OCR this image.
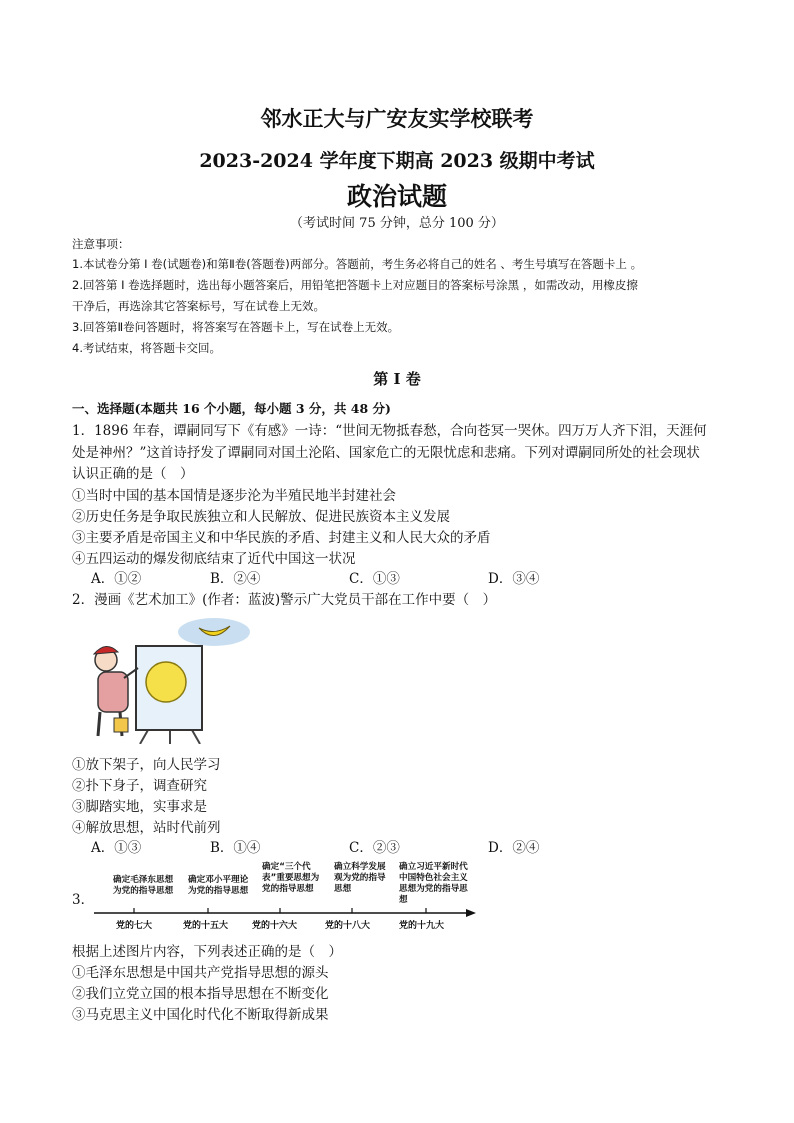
邻水正大与广安友实学校联考
2023-2024 学年度下期高 2023 级期中考试
政治试题
（考试时间 75 分钟，总分 100 分）
注意事项：
1.本试卷分第 I 卷(试题卷)和第Ⅱ卷(答题卷)两部分。答题前，考生务必将自己的姓名 、考生号填写在答题卡上 。
2.回答第 I 卷选择题时，选出每小题答案后，用铅笔把答题卡上对应题目的答案标号涂黑 ，如需改动，用橡皮擦
干净后，再选涂其它答案标号，写在试卷上无效。
3.回答第Ⅱ卷问答题时，将答案写在答题卡上，写在试卷上无效。
4.考试结束，将答题卡交回。
第 I 卷
一、选择题(本题共 16 个小题，每小题 3 分，共 48 分)
1．1896 年春，谭嗣同写下《有感》一诗：“世间无物抵春愁，合向苍冥一哭休。四万万人齐下泪，天涯何
处是神州？”这首诗抒发了谭嗣同对国土沦陷、国家危亡的无限忧虑和悲痛。下列对谭嗣同所处的社会现状
认识正确的是（　）
①当时中国的基本国情是逐步沦为半殖民地半封建社会
②历史任务是争取民族独立和人民解放、促进民族资本主义发展
③主要矛盾是帝国主义和中华民族的矛盾、封建主义和人民大众的矛盾
④五四运动的爆发彻底结束了近代中国这一状况
A．①②	B．②④	C．①③	D．③④
2．漫画《艺术加工》(作者：蓝波)警示广大党员干部在工作中要（　）
①放下架子，向人民学习
②扑下身子，调查研究
③脚踏实地，实事求是
④解放思想，站时代前列
A．①③	B．①④	C．②③	D．②④
3．
确定毛泽东思想为党的指导思想
确定邓小平理论为党的指导思想
确定“三个代表”重要思想为党的指导思想
确立科学发展观为党的指导思想
确立习近平新时代中国特色社会主义思想为党的指导思想
党的七大	党的十五大	党的十六大	党的十八大	党的十九大
根据上述图片内容，下列表述正确的是（　）
①毛泽东思想是中国共产党指导思想的源头
②我们立党立国的根本指导思想在不断变化
③马克思主义中国化时代化不断取得新成果
